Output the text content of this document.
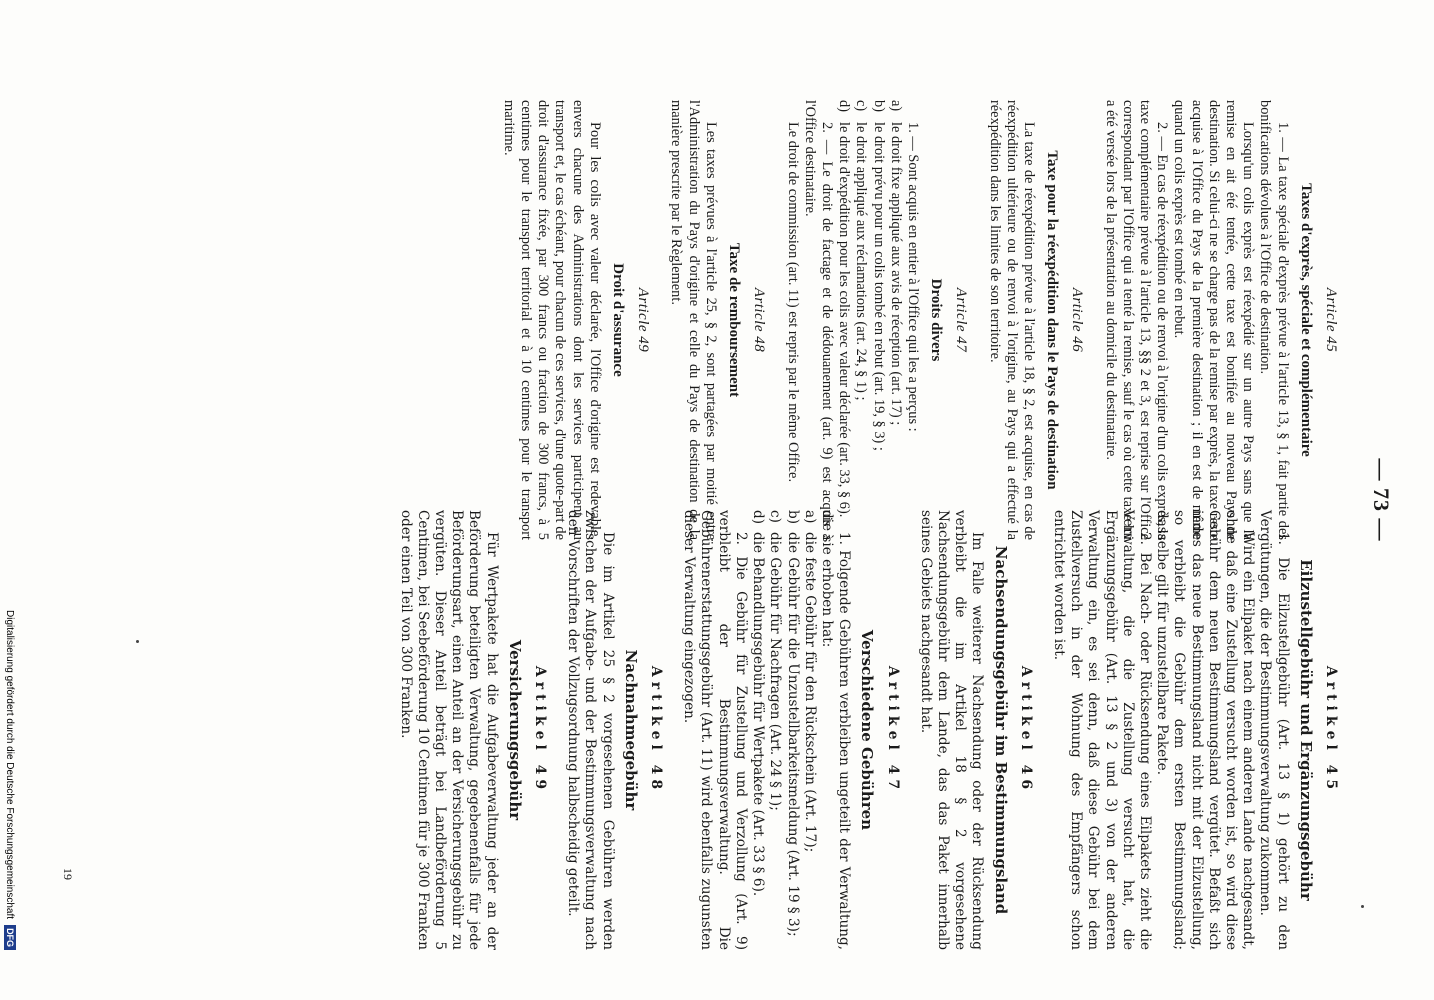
— 73 —
Article 45
Taxes d'exprès, spéciale et complémentaire

1. — La taxe spéciale d'exprès prévue à l'article 13, § 1, fait partie des bonifications dévolues à l'Office de destination.

Lorsqu'un colis exprès est réexpédié sur un autre Pays sans que la remise en ait été tentée, cette taxe est bonifiée au nouveau Pays de destination. Si celui-ci ne se charge pas de la remise par exprès, la taxe reste acquise à l'Office du Pays de la première destination ; il en est de même quand un colis exprès est tombé en rebut.

2. — En cas de réexpédition ou de renvoi à l'origine d'un colis exprès, la taxe complémentaire prévue à l'article 13, §§ 2 et 3, est reprise sur l'Office correspondant par l'Office qui a tenté la remise, sauf le cas où cette taxe lui a été versée lors de la présentation au domicile du destinataire.

Article 46
Taxe pour la réexpédition dans le Pays de destination

La taxe de réexpédition prévue à l'article 18, § 2, est acquise, en cas de réexpédition ultérieure ou de renvoi à l'origine, au Pays qui a effectué la réexpédition dans les limites de son territoire.

Article 47
Droits divers

1. — Sont acquis en entier à l'Office qui les a perçus :

a)le droit fixe appliqué aux avis de réception (art. 17) ;
b)le droit prévu pour un colis tombé en rebut (art. 19, § 3) ;
c)le droit appliqué aux réclamations (art. 24, § 1) ;
d)le droit d'expédition pour les colis avec valeur déclarée (art. 33, § 6).

2. — Le droit de factage et de dédouanement (art. 9) est acquis à l'Office destinataire.

Le droit de commission (art. 11) est repris par le même Office.

Article 48
Taxe de remboursement

Les taxes prévues à l'article 25, § 2, sont partagées par moitié entre l'Administration du Pays d'origine et celle du Pays de destination de la manière prescrite par le Règlement.

Article 49
Droit d'assurance

Pour les colis avec valeur déclarée, l'Office d'origine est redevable, envers chacune des Administrations dont les services participent au transport et, le cas échéant, pour chacun de ces services, d'une quote-part de droit d'assurance fixée, par 300 francs ou fraction de 300 francs, à 5 centimes pour le transport territorial et à 10 centimes pour le transport maritime.

Artikel 45
Eilzustellgebühr und Ergänzungsgebühr

1. Die Eilzustellgebühr (Art. 13 § 1) gehört zu den Vergütungen, die der Bestimmungsverwaltung zukommen.

Wird ein Eilpaket nach einem anderen Lande nachgesandt, ohne daß eine Zustellung versucht worden ist, so wird diese Gebühr dem neuen Bestimmungsland vergütet. Befaßt sich indes das neue Bestimmungsland nicht mit der Eilzustellung, so verbleibt die Gebühr dem ersten Bestimmungsland; dasselbe gilt für unzustellbare Pakete.

2. Bei Nach- oder Rücksendung eines Eilpakets zieht die Verwaltung, die die Zustellung versucht hat, die Ergänzungsgebühr (Art. 13 § 2 und 3) von der anderen Verwaltung ein, es sei denn, daß diese Gebühr bei dem Zustellversuch in der Wohnung des Empfängers schon entrichtet worden ist.

Artikel 46
Nachsendungsgebühr im Bestimmungsland

Im Falle weiterer Nachsendung oder der Rücksendung verbleibt die im Artikel 18 § 2 vorgesehene Nachsendungsgebühr dem Lande, das das Paket innerhalb seines Gebiets nachgesandt hat.

Artikel 47
Verschiedene Gebühren

1. Folgende Gebühren verbleiben ungeteilt der Verwaltung, die sie erhoben hat:

a)die feste Gebühr für den Rückschein (Art. 17);
b)die Gebühr für die Unzustellbarkeitsmeldung (Art. 19 § 3);
c)die Gebühr für Nachfragen (Art. 24 § 1);
d)die Behandlungsgebühr für Wertpakete (Art. 33 § 6).

2. Die Gebühr für Zustellung und Verzollung (Art. 9) verbleibt der Bestimmungsverwaltung. Die Gebührenerstattungsgebühr (Art. 11) wird ebenfalls zugunsten dieser Verwaltung eingezogen.

Artikel 48
Nachnahmegebühr

Die im Artikel 25 § 2 vorgesehenen Gebühren werden zwischen der Aufgabe- und der Bestimmungsverwaltung nach den Vorschriften der Vollzugsordnung halbscheidig geteilt.

Artikel 49
Versicherungsgebühr

Für Wertpakete hat die Aufgabeverwaltung jeder an der Beförderung beteiligten Verwaltung, gegebenenfalls für jede Beförderungsart, einen Anteil an der Versicherungsgebühr zu vergüten. Dieser Anteil beträgt bei Landbeförderung 5 Centimen, bei Seebeförderung 10 Centimen für je 300 Franken oder einen Teil von 300 Franken.

19
Digitalisierung gefördert durch die Deutsche Forschungsgemeinschaft
DFG
